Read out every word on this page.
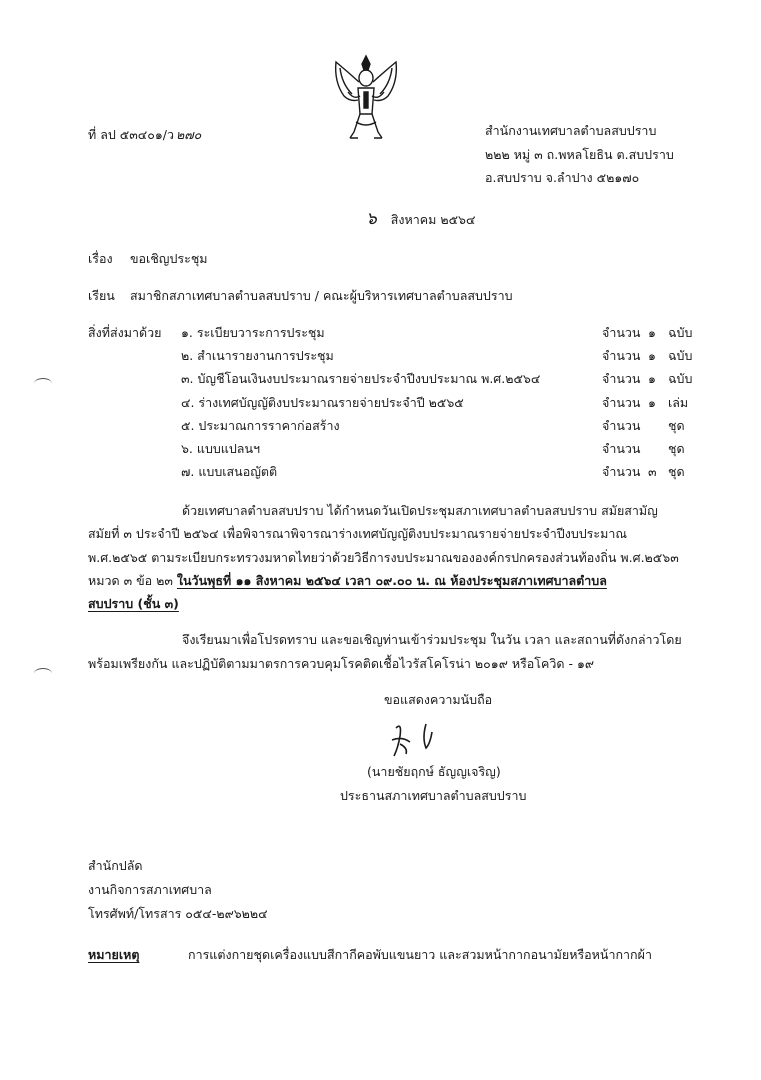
ที่ ลป ๕๓๔๐๑/ว ๒๗๐	สำนักงานเทศบาลตำบลสบปราบ
๒๒๒ หมู่ ๓ ถ.พหลโยธิน ต.สบปราบ
อ.สบปราบ จ.ลำปาง ๕๒๑๗๐
๖ สิงหาคม ๒๕๖๔
เรื่อง ขอเชิญประชุม
เรียน สมาชิกสภาเทศบาลตำบลสบปราบ / คณะผู้บริหารเทศบาลตำบลสบปราบ
สิ่งที่ส่งมาด้วย ๑. ระเบียบวาระการประชุม
๒. สำเนารายงานการประชุม
๓. บัญชีโอนเงินงบประมาณรายจ่ายประจำปีงบประมาณ พ.ศ.๒๕๖๔
๔. ร่างเทศบัญญัติงบประมาณรายจ่ายประจำปี ๒๕๖๕
๕. ประมาณการราคาก่อสร้าง
๖. แบบแปลนฯ
๗. แบบเสนอญัตติ
จำนวน ๑ ฉบับ
จำนวน ๑ ฉบับ
จำนวน ๑ ฉบับ
จำนวน ๑ เล่ม
จำนวน ชุด
จำนวน ชุด
จำนวน ๓ ชุด
ด้วยเทศบาลตำบลสบปราบ ได้กำหนดวันเปิดประชุมสภาเทศบาลตำบลสบปราบ สมัยสามัญ
สมัยที่ ๓ ประจำปี ๒๕๖๔ เพื่อพิจารณาพิจารณาร่างเทศบัญญัติงบประมาณรายจ่ายประจำปีงบประมาณ
พ.ศ.๒๕๖๕ ตามระเบียบกระทรวงมหาดไทยว่าด้วยวิธีการงบประมาณขององค์กรปกครองส่วนท้องถิ่น พ.ศ.๒๕๖๓
หมวด ๓ ข้อ ๒๓ ในวันพุธที่ ๑๑ สิงหาคม ๒๕๖๔ เวลา ๐๙.๐๐ น. ณ ห้องประชุมสภาเทศบาลตำบล
สบปราบ (ชั้น ๓)
จึงเรียนมาเพื่อโปรดทราบ และขอเชิญท่านเข้าร่วมประชุม ในวัน เวลา และสถานที่ดังกล่าวโดย
พร้อมเพรียงกัน และปฏิบัติตามมาตรการควบคุมโรคติดเชื้อไวรัสโคโรน่า ๒๐๑๙ หรือโควิด - ๑๙
ขอแสดงความนับถือ
(นายชัยฤกษ์ ธัญญเจริญ)
ประธานสภาเทศบาลตำบลสบปราบ
สำนักปลัด
งานกิจการสภาเทศบาล
โทรศัพท์/โทรสาร ๐๕๔-๒๙๖๒๒๔
หมายเหตุ	การแต่งกายชุดเครื่องแบบสีกากีคอพับแขนยาว และสวมหน้ากากอนามัยหรือหน้ากากผ้า
